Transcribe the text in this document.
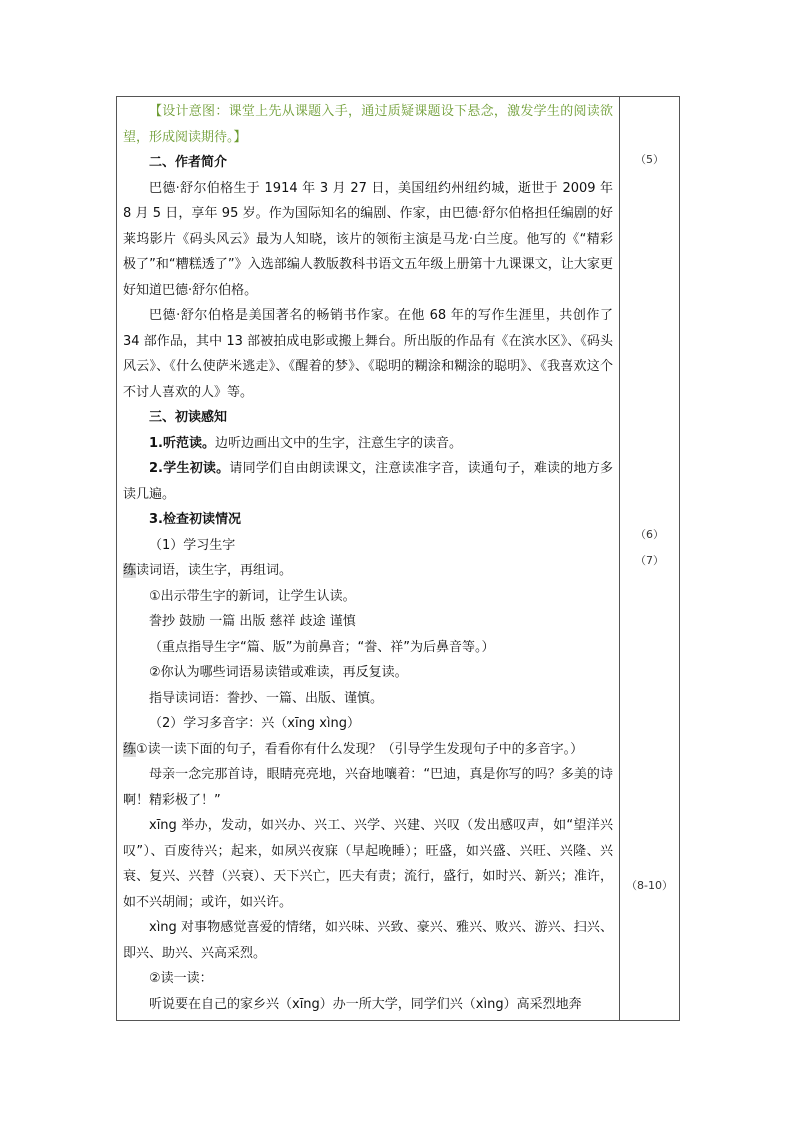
【设计意图：课堂上先从课题入手，通过质疑课题设下悬念，激发学生的阅读欲望，形成阅读期待。】

二、作者简介

巴德·舒尔伯格生于 1914 年 3 月 27 日，美国纽约州纽约城，逝世于 2009 年 8 月 5 日，享年 95 岁。作为国际知名的编剧、作家，由巴德·舒尔伯格担任编剧的好莱坞影片《码头风云》最为人知晓，该片的领衔主演是马龙·白兰度。他写的《“精彩极了”和“糟糕透了”》入选部编人教版教科书语文五年级上册第十九课课文，让大家更好知道巴德·舒尔伯格。

巴德·舒尔伯格是美国著名的畅销书作家。在他 68 年的写作生涯里，共创作了 34 部作品，其中 13 部被拍成电影或搬上舞台。所出版的作品有《在滨水区》、《码头风云》、《什么使萨米逃走》、《醒着的梦》、《聪明的糊涂和糊涂的聪明》、《我喜欢这个不讨人喜欢的人》等。

三、初读感知

1.听范读。边听边画出文中的生字，注意生字的读音。

2.学生初读。请同学们自由朗读课文，注意读准字音，读通句子，难读的地方多读几遍。

3.检查初读情况

（1）学习生字

练读词语，读生字，再组词。

①出示带生字的新词，让学生认读。

誊抄 鼓励 一篇 出版 慈祥 歧途 谨慎

（重点指导生字“篇、版”为前鼻音；“誊、祥”为后鼻音等。）

②你认为哪些词语易读错或难读，再反复读。

指导读词语：誊抄、一篇、出版、谨慎。

（2）学习多音字：兴（xīng xìng）

练①读一读下面的句子，看看你有什么发现？（引导学生发现句子中的多音字。）

母亲一念完那首诗，眼睛亮亮地，兴奋地嚷着：“巴迪，真是你写的吗？多美的诗啊！精彩极了！”

xīng 举办，发动，如兴办、兴工、兴学、兴建、兴叹（发出感叹声，如“望洋兴叹”）、百废待兴；起来，如夙兴夜寐（早起晚睡）；旺盛，如兴盛、兴旺、兴隆、兴衰、复兴、兴替（兴衰）、天下兴亡，匹夫有责；流行，盛行，如时兴、新兴；准许，如不兴胡闹；或许，如兴许。

xìng 对事物感觉喜爱的情绪，如兴味、兴致、豪兴、雅兴、败兴、游兴、扫兴、即兴、助兴、兴高采烈。

②读一读：

听说要在自己的家乡兴（xīng）办一所大学，同学们兴（xìng）高采烈地奔

（5）
（6）
（7）
（8-10）
